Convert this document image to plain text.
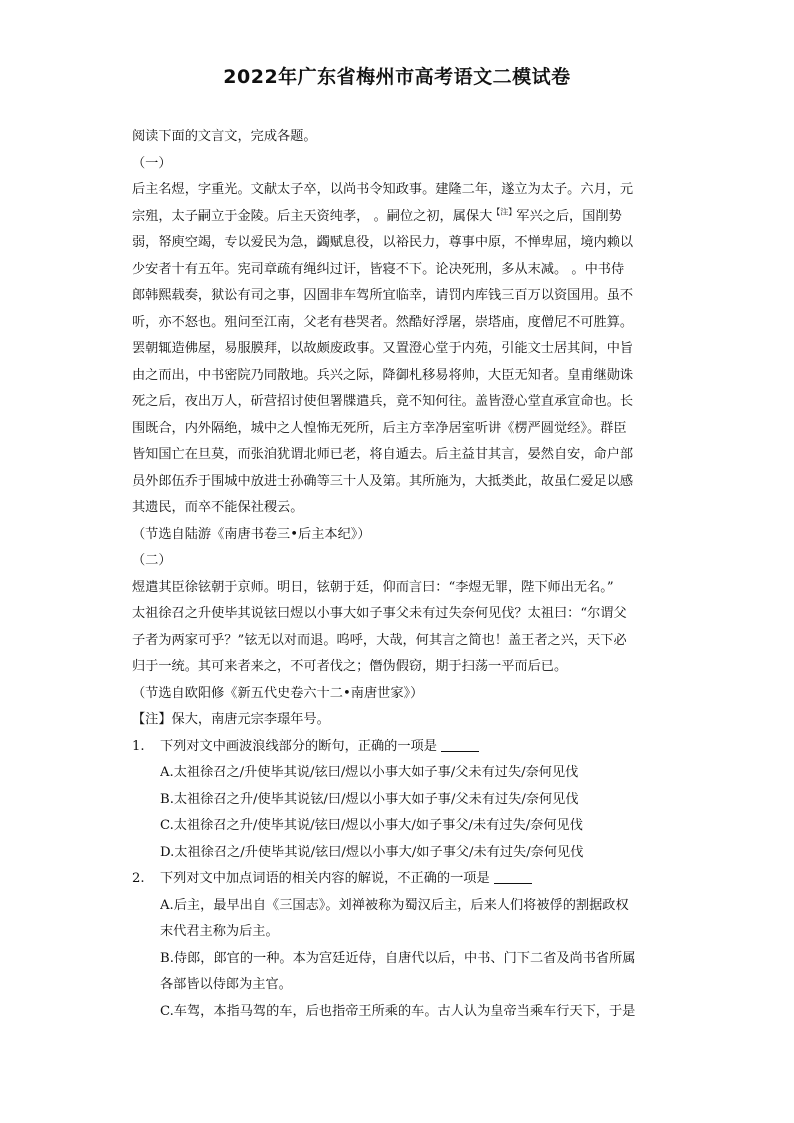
2022年广东省梅州市高考语文二模试卷
阅读下面的文言文，完成各题。
（一）
后主名煜，字重光。文献太子卒，以尚书令知政事。建隆二年，遂立为太子。六月，元
宗殂，太子嗣立于金陵。后主天资纯孝， 。嗣位之初，属保大$^{【注】}$军兴之后，国削势
弱，帑庾空竭，专以爱民为急，蠲赋息役，以裕民力，尊事中原，不惮卑屈，境内赖以
少安者十有五年。宪司章疏有绳纠过讦，皆寝不下。论决死刑，多从末减。 。中书侍
郎韩熙载奏，狱讼有司之事，囚圄非车驾所宜临幸，请罚内库钱三百万以资国用。虽不
听，亦不怒也。殂问至江南，父老有巷哭者。然酷好浮屠，崇塔庙，度僧尼不可胜算。
罢朝辄造佛屋，易服膜拜，以故颇废政事。又置澄心堂于内苑，引能文士居其间，中旨
由之而出，中书密院乃同散地。兵兴之际，降御札移易将帅，大臣无知者。皇甫继勋诛
死之后，夜出万人，斫营招讨使但署牒遣兵，竟不知何往。盖皆澄心堂直承宣命也。长
围既合，内外隔绝，城中之人惶怖无死所，后主方幸净居室听讲《楞严圆觉经》。群臣
皆知国亡在旦莫，而张洎犹谓北师已老，将自遁去。后主益甘其言，晏然自安，命户部
员外郎伍乔于围城中放进士孙确等三十人及第。其所施为，大抵类此，故虽仁爱足以感
其遗民，而卒不能保社稷云。
（节选自陆游《南唐书卷三•后主本纪》）
（二）
煜遣其臣徐铉朝于京师。明日，铉朝于廷，仰而言曰：“李煜无罪，陛下师出无名。”
太祖徐召之升使毕其说铉曰煜以小事大如子事父未有过失奈何见伐？太祖曰：“尔谓父
子者为两家可乎？”铉无以对而退。呜呼，大哉，何其言之简也！盖王者之兴，天下必
归于一统。其可来者来之，不可者伐之；僭伪假窃，期于扫荡一平而后已。
（节选自欧阳修《新五代史卷六十二•南唐世家》）
【注】保大，南唐元宗李璟年号。
1. 下列对文中画波浪线部分的断句，正确的一项是
A.太祖徐召之/升使毕其说/铉曰/煜以小事大如子事/父未有过失/奈何见伐
B.太祖徐召之升/使毕其说铉/曰/煜以小事大如子事/父未有过失/奈何见伐
C.太祖徐召之升/使毕其说/铉曰/煜以小事大/如子事父/未有过失/奈何见伐
D.太祖徐召之/升使毕其说/铉曰/煜以小事大/如子事父/未有过失/奈何见伐
2. 下列对文中加点词语的相关内容的解说，不正确的一项是
A.后主，最早出自《三国志》。刘禅被称为蜀汉后主，后来人们将被俘的割据政权
末代君主称为后主。
B.侍郎，郎官的一种。本为宫廷近侍，自唐代以后，中书、门下二省及尚书省所属
各部皆以侍郎为主官。
C.车驾，本指马驾的车，后也指帝王所乘的车。古人认为皇帝当乘车行天下，于是
